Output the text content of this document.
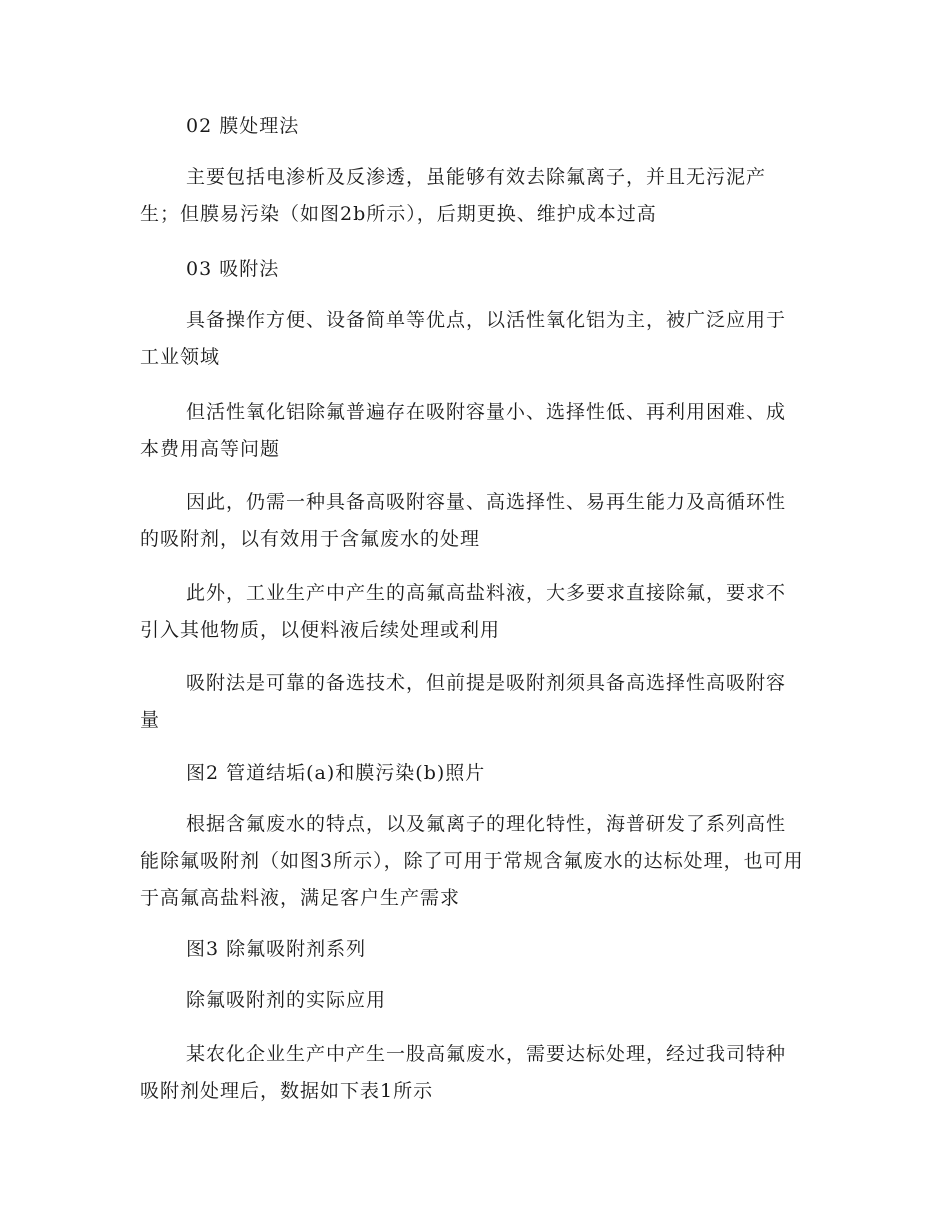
02 膜处理法

主要包括电渗析及反渗透，虽能够有效去除氟离子，并且无污泥产生；但膜易污染（如图2b所示），后期更换、维护成本过高

03 吸附法

具备操作方便、设备简单等优点，以活性氧化铝为主，被广泛应用于工业领域

但活性氧化铝除氟普遍存在吸附容量小、选择性低、再利用困难、成本费用高等问题

因此，仍需一种具备高吸附容量、高选择性、易再生能力及高循环性的吸附剂，以有效用于含氟废水的处理

此外，工业生产中产生的高氟高盐料液，大多要求直接除氟，要求不引入其他物质，以便料液后续处理或利用

吸附法是可靠的备选技术，但前提是吸附剂须具备高选择性高吸附容量

图2 管道结垢(a)和膜污染(b)照片

根据含氟废水的特点，以及氟离子的理化特性，海普研发了系列高性能除氟吸附剂（如图3所示），除了可用于常规含氟废水的达标处理，也可用于高氟高盐料液，满足客户生产需求

图3 除氟吸附剂系列

除氟吸附剂的实际应用

某农化企业生产中产生一股高氟废水，需要达标处理，经过我司特种吸附剂处理后，数据如下表1所示
